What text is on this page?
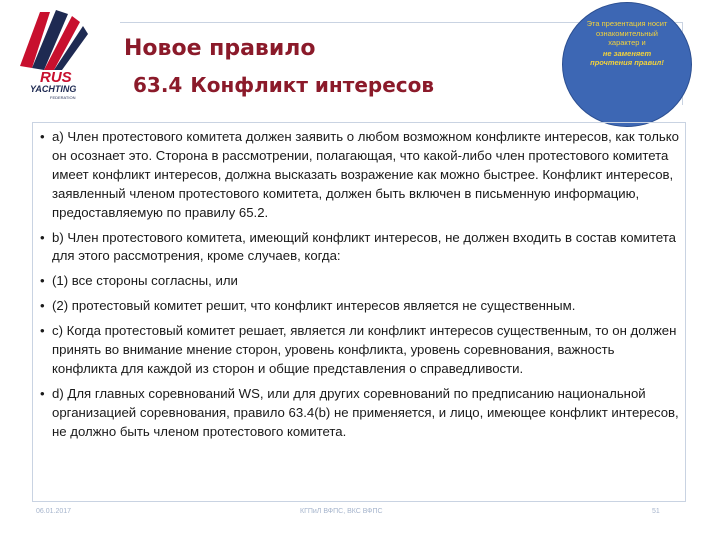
RUS
YACHTING
FEDERATION
Новое правило
63.4 Конфликт интересов
Эта презентация носит ознакомительный характер и
не заменяет прочтения правил!
• a) Член протестового комитета должен заявить о любом возможном конфликте интересов, как только он осознает это. Сторона в рассмотрении, полагающая, что какой-либо член протестового комитета имеет конфликт интересов, должна высказать возражение как можно быстрее. Конфликт интересов, заявленный членом протестового комитета, должен быть включен в письменную информацию, предоставляемую по правилу 65.2.
• b) Член протестового комитета, имеющий конфликт интересов, не должен входить в состав комитета для этого рассмотрения, кроме случаев, когда:
• (1) все стороны согласны, или
• (2) протестовый комитет решит, что конфликт интересов является не существенным.
• c) Когда протестовый комитет решает, является ли конфликт интересов существенным, то он должен принять во внимание мнение сторон, уровень конфликта, уровень соревнования, важность конфликта для каждой из сторон и общие представления о справедливости.
• d) Для главных соревнований WS, или для других соревнований по предписанию национальной организацией соревнования, правило 63.4(b) не применяется, и лицо, имеющее конфликт интересов, не должно быть членом протестового комитета.
06.01.2017	КГПиЛ ВФПС, ВКС ВФПС	51
